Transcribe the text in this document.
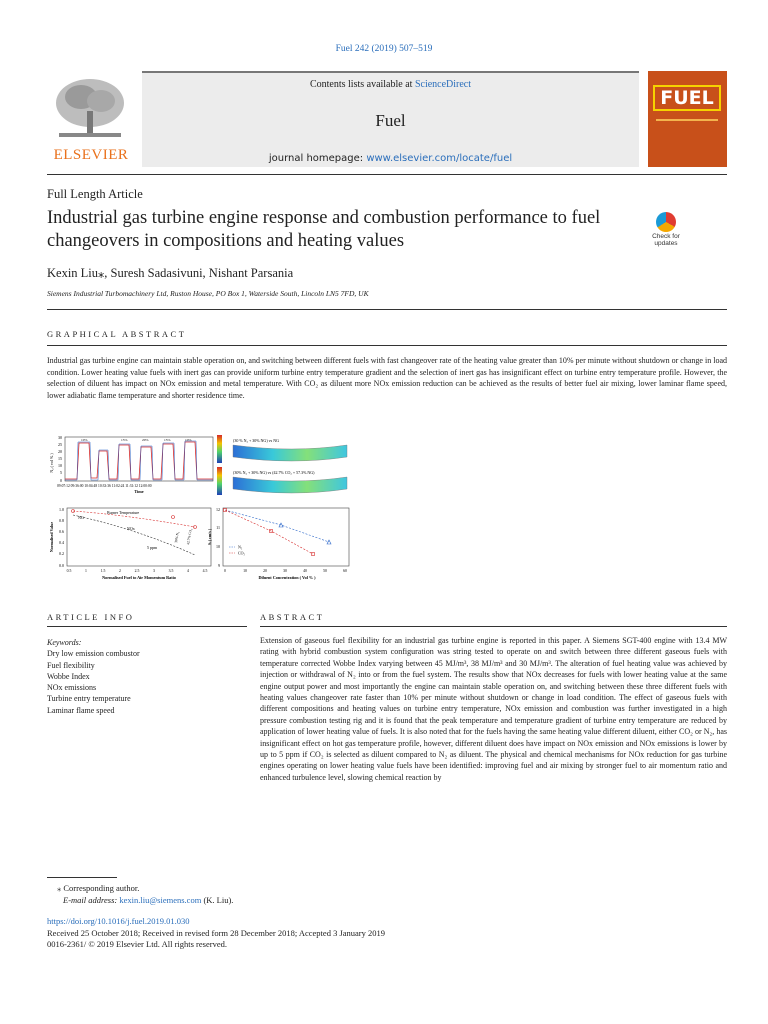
Fuel 242 (2019) 507–519
ELSEVIER
Contents lists available at ScienceDirect
Fuel
journal homepage: www.elsevier.com/locate/fuel
FUEL
Full Length Article
Industrial gas turbine engine response and combustion performance to fuel changeovers in compositions and heating values	Check for updates
Kexin Liu⁎, Suresh Sadasivuni, Nishant Parsania
Siemens Industrial Turbomachinery Ltd, Ruston House, PO Box 1, Waterside South, Lincoln LN5 7FD, UK
GRAPHICAL ABSTRACT
Industrial gas turbine engine can maintain stable operation on, and switching between different fuels with fast changeover rate of the heating value greater than 10% per minute without shutdown or change in load condition. Lower heating value fuels with inert gas can provide uniform turbine entry temperature gradient and the selection of inert gas has insignificant effect on turbine entry temperature profile. However, the selection of diluent has impact on NOx emission and metal temperature. With CO₂ as diluent more NOx emission reduction can be achieved as the results of better fuel air mixing, lower laminar flame speed, lower adiabatic flame temperature and shorter residence time.
N₂ ( vol % )
30
25
20
15
10
5
0
10%	15%	20%	15%	10%
09:07:12 09:36:00 10:04:48 10:33:36 11:02:24 11:31:12 12:00:00
Time
(30 % N₂ + 30% NG) vs NG
(30% N₂ + 30% NG) vs (42.7% CO₂ + 57.3% NG)
Normalised Value
1.0
0.8
0.6
0.4
0.2
0.0
Burner Temperature
NG
NOx
5 ppm
30% N₂ 42.7% CO₂
0.5	1	1.5	2	2.5	3	3.5	4	4.5
Normalised Fuel to Air Momentum Ratio
Sₗ ( cm/s )
12
11
10
9
N₂
CO₂
0	10	20	30	40	50	60
Diluent Concentration ( Vol % )
ARTICLE INFO	ABSTRACT
Keywords:
Dry low emission combustor
Fuel flexibility
Wobbe Index
NOx emissions
Turbine entry temperature
Laminar flame speed
Extension of gaseous fuel flexibility for an industrial gas turbine engine is reported in this paper. A Siemens SGT-400 engine with 13.4 MW rating with hybrid combustion system configuration was string tested to operate on and switch between three different gaseous fuels with temperature corrected Wobbe Index varying between 45 MJ/m³, 38 MJ/m³ and 30 MJ/m³. The alteration of fuel heating value was achieved by injection or withdrawal of N₂ into or from the fuel system. The results show that NOx decreases for fuels with lower heating value at the same engine output power and most importantly the engine can maintain stable operation on, and switching between these three different fuels with heating values changeover rate faster than 10% per minute without shutdown or change in load condition. The effect of gaseous fuels with different compositions and heating values on turbine entry temperature, NOx emission and combustion was further investigated in a high pressure combustion testing rig and it is found that the peak temperature and temperature gradient of turbine entry temperature are reduced by application of lower heating value of fuels. It is also noted that for the fuels having the same heating value different diluent, either CO₂ or N₂, has insignificant effect on hot gas temperature profile, however, different diluent does have impact on NOx emission and NOx emissions is lower by up to 5 ppm if CO₂ is selected as diluent compared to N₂ as diluent. The physical and chemical mechanisms for NOx reduction for gas turbine engines operating on lower heating value fuels have been identified: improving fuel and air mixing by stronger fuel to air momentum ratio and enhanced turbulence level, slowing chemical reaction by
⁎ Corresponding author.
E-mail address: kexin.liu@siemens.com (K. Liu).
https://doi.org/10.1016/j.fuel.2019.01.030
Received 25 October 2018; Received in revised form 28 December 2018; Accepted 3 January 2019
0016-2361/ © 2019 Elsevier Ltd. All rights reserved.
